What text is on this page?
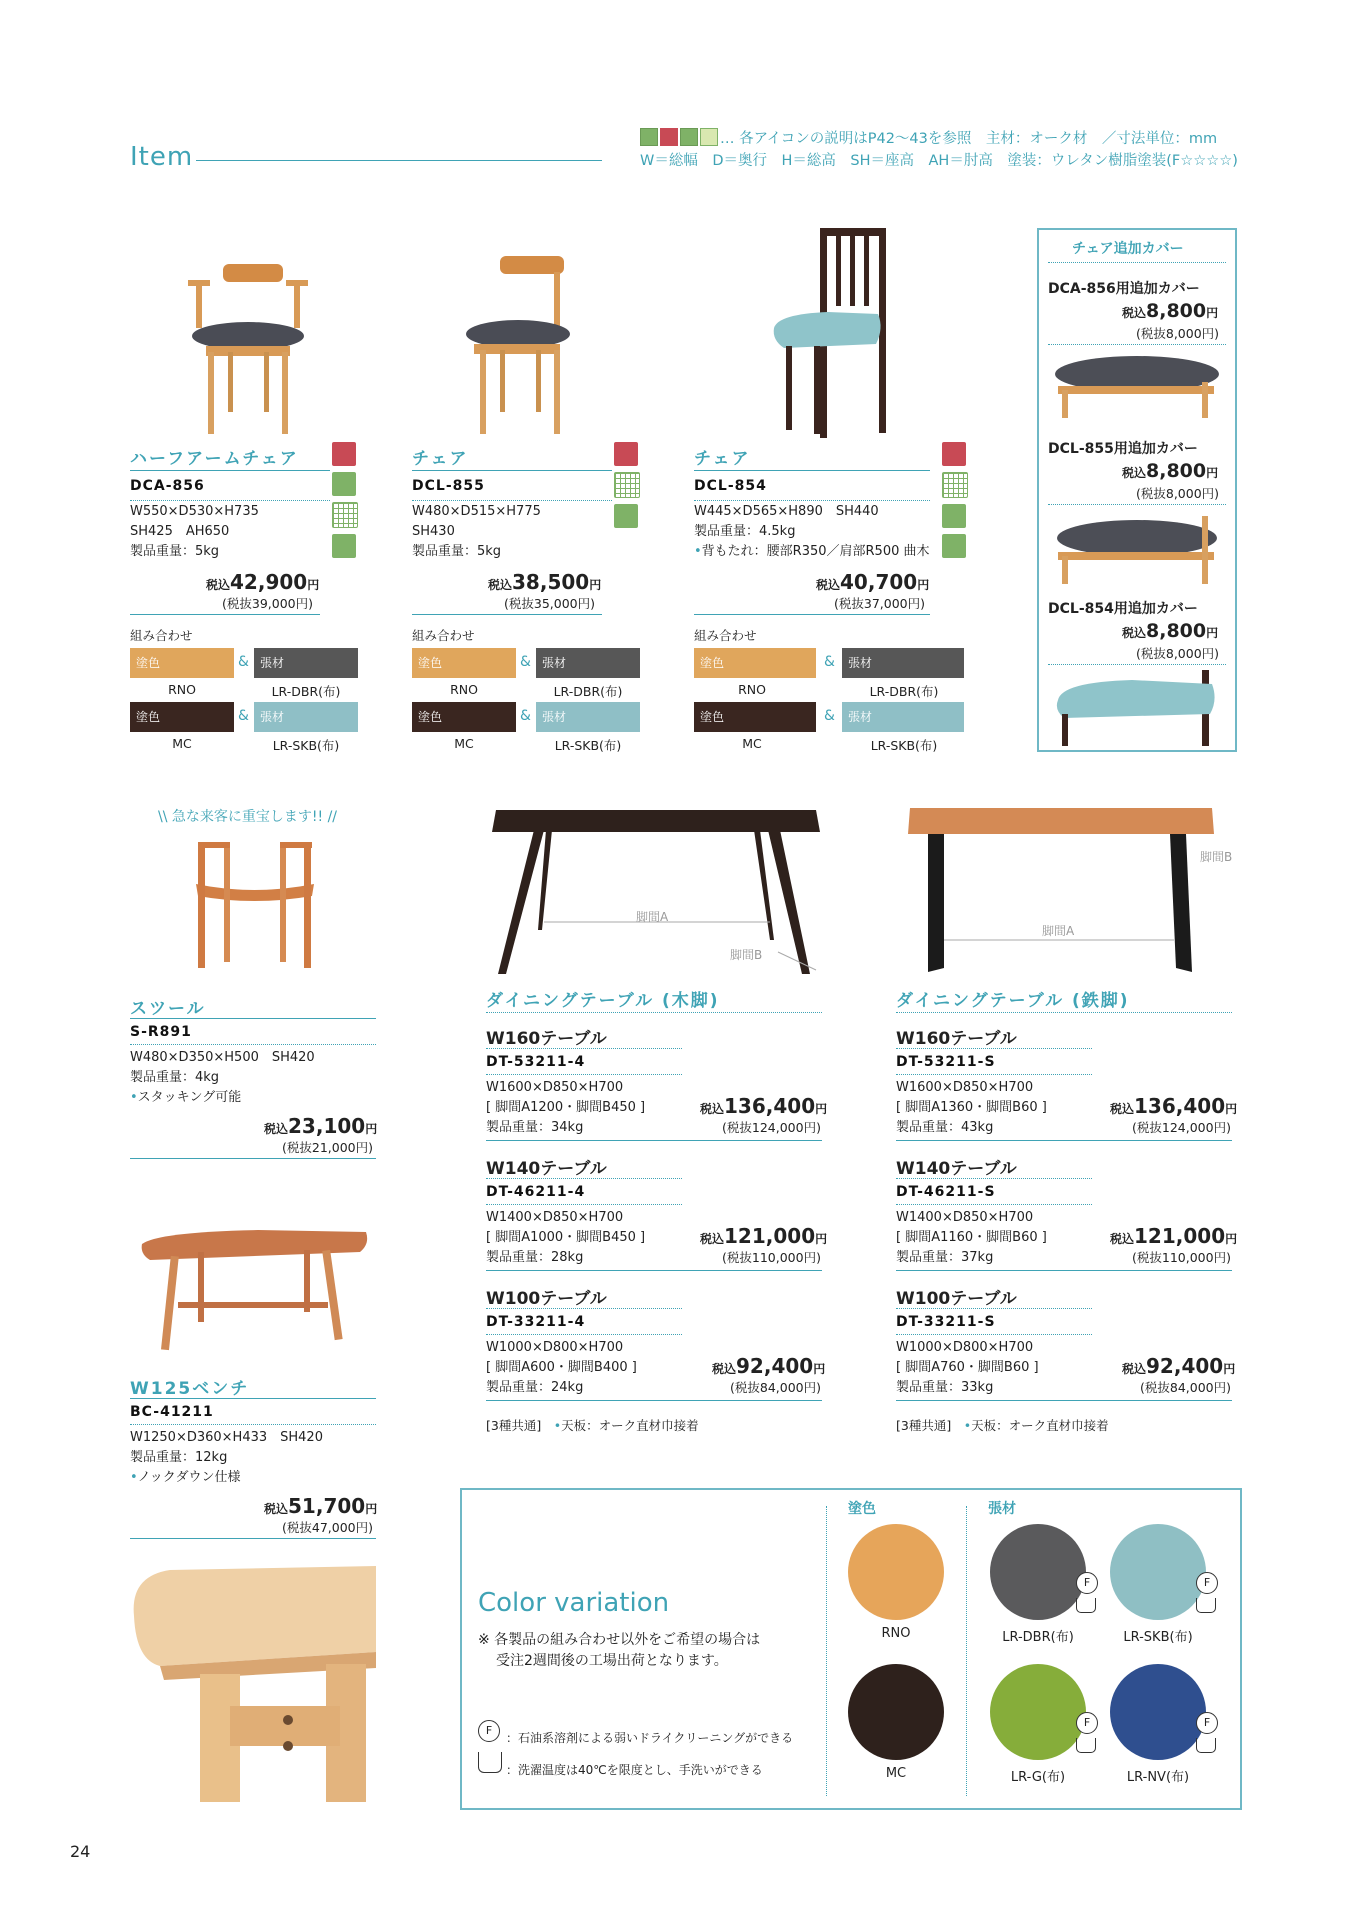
Item
… 各アイコンの説明はP42〜43を参照　主材：オーク材　／寸法単位：mm
W＝総幅　D＝奥行　H＝総高　SH＝座高　AH＝肘高　塗装：ウレタン樹脂塗装(F☆☆☆☆)
ハーフアームチェア
DCA-856
W550×D530×H735
SH425　AH650
製品重量：5kg
税込42,900円
(税抜39,000円)
チェア
DCL-855
W480×D515×H775
SH430
製品重量：5kg
税込38,500円
(税抜35,000円)
チェア
DCL-854
W445×D565×H890　SH440
製品重量：4.5kg
•背もたれ：腰部R350／肩部R500 曲木
税込40,700円
(税抜37,000円)
組み合わせ
塗色	& 張材
RNO	LR-DBR(布)
塗色	& 張材
MC	LR-SKB(布)
組み合わせ
塗色	& 張材
RNO	LR-DBR(布)
塗色	& 張材
MC	LR-SKB(布)
組み合わせ
塗色	&	張材
RNO	LR-DBR(布)
塗色	&	張材
MC	LR-SKB(布)
チェア追加カバー
DCA-856用追加カバー
税込8,800円
(税抜8,000円)
DCL-855用追加カバー
税込8,800円
(税抜8,000円)
DCL-854用追加カバー
税込8,800円
(税抜8,000円)
\\ 急な来客に重宝します!! //
スツール
S-R891
W480×D350×H500　SH420
製品重量：4kg
•スタッキング可能
税込23,100円
(税抜21,000円)
W125ベンチ
BC-41211
W1250×D360×H433　SH420
製品重量：12kg
•ノックダウン仕様
税込51,700円
(税抜47,000円)
脚間A
脚間B
脚間A
脚間B
ダイニングテーブル (木脚)
W160テーブル
DT-53211-4
W1600×D850×H700
[ 脚間A1200・脚間B450 ]
製品重量：34kg
税込136,400円
(税抜124,000円)
W140テーブル
DT-46211-4
W1400×D850×H700
[ 脚間A1000・脚間B450 ]
製品重量：28kg
税込121,000円
(税抜110,000円)
W100テーブル
DT-33211-4
W1000×D800×H700
[ 脚間A600・脚間B400 ]
製品重量：24kg
税込92,400円
(税抜84,000円)
[3種共通]　 •天板：オーク直材巾接着
ダイニングテーブル (鉄脚)
W160テーブル
DT-53211-S
W1600×D850×H700
[ 脚間A1360・脚間B60 ]
製品重量：43kg
税込136,400円
(税抜124,000円)
W140テーブル
DT-46211-S
W1400×D850×H700
[ 脚間A1160・脚間B60 ]
製品重量：37kg
税込121,000円
(税抜110,000円)
W100テーブル
DT-33211-S
W1000×D800×H700
[ 脚間A760・脚間B60 ]
製品重量：33kg
税込92,400円
(税抜84,000円)
[3種共通]　 •天板：オーク直材巾接着
Color variation
※ 各製品の組み合わせ以外をご希望の場合は
受注2週間後の工場出荷となります。
F
：石油系溶剤による弱いドライクリーニングができる
：洗濯温度は40℃を限度とし、手洗いができる
塗色	張材
RNO
MC
LR-DBR(布)	LR-SKB(布)
LR-G(布)	LR-NV(布)
F	F
F	F
24
